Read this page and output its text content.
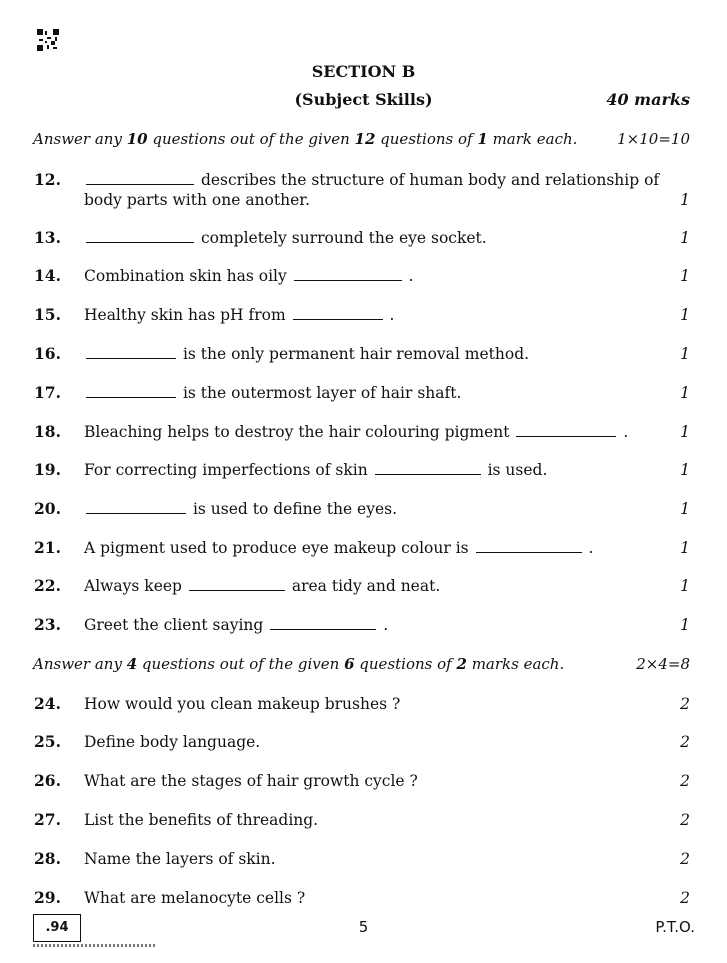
SECTION B
(Subject Skills)	40 marks
Answer any 10 questions out of the given 12 questions of 1 mark each.	1×10=10
12.	describes the structure of human body and relationship of body parts with one another.	1
13.	completely surround the eye socket.	1
14. Combination skin has oily	.	1
15. Healthy skin has pH from	.	1
16.	is the only permanent hair removal method.	1
17.	is the outermost layer of hair shaft.	1
18. Bleaching helps to destroy the hair colouring pigment	.	1
19. For correcting imperfections of skin	is used.	1
20.	is used to define the eyes.	1
21. A pigment used to produce eye makeup colour is	.	1
22. Always keep	area tidy and neat.	1
23. Greet the client saying	.	1
Answer any 4 questions out of the given 6 questions of 2 marks each.	2×4=8
24. How would you clean makeup brushes ?	2
25. Define body language.	2
26. What are the stages of hair growth cycle ?	2
27. List the benefits of threading.	2
28. Name the layers of skin.	2
29. What are melanocyte cells ?	2
.94	5	P.T.O.
